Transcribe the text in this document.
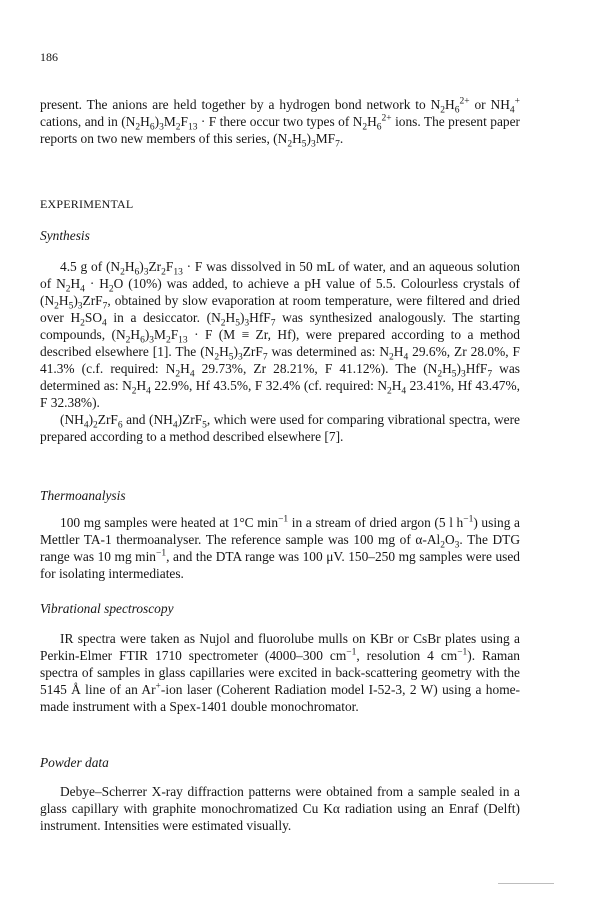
186

present. The anions are held together by a hydrogen bond network to $N_2H_6^{2+}$ or $NH_4^+$ cations, and in $(N_2H_6)_3M_2F_{13} \cdot F$ there occur two types of $N_2H_6^{2+}$ ions. The present paper reports on two new members of this series, $(N_2H_5)_3MF_7$.

EXPERIMENTAL
Synthesis

4.5 g of $(N_2H_6)_3Zr_2F_{13} \cdot F$ was dissolved in 50 mL of water, and an aqueous solution of $N_2H_4 \cdot H_2O$ (10%) was added, to achieve a pH value of 5.5. Colourless crystals of $(N_2H_5)_3ZrF_7$, obtained by slow evaporation at room temperature, were filtered and dried over $H_2SO_4$ in a desiccator. $(N_2H_5)_3HfF_7$ was synthesized analogously. The starting compounds, $(N_2H_6)_3M_2F_{13} \cdot F$ (M ≡ Zr, Hf), were prepared according to a method described elsewhere [1]. The $(N_2H_5)_3ZrF_7$ was determined as: $N_2H_4$ 29.6%, Zr 28.0%, F 41.3% (c.f. required: $N_2H_4$ 29.73%, Zr 28.21%, F 41.12%). The $(N_2H_5)_3HfF_7$ was determined as: $N_2H_4$ 22.9%, Hf 43.5%, F 32.4% (cf. required: $N_2H_4$ 23.41%, Hf 43.47%, F 32.38%).

$(NH_4)_2ZrF_6$ and $(NH_4)ZrF_5$, which were used for comparing vibrational spectra, were prepared according to a method described elsewhere [7].

Thermoanalysis

100 mg samples were heated at 1°C $\min^{-1}$ in a stream of dried argon (5 l $h^{-1}$) using a Mettler TA-1 thermoanalyser. The reference sample was 100 mg of $\alpha-Al_2O_3$. The DTG range was 10 mg $\min^{-1}$, and the DTA range was 100 μV. 150–250 mg samples were used for isolating intermediates.

Vibrational spectroscopy

IR spectra were taken as Nujol and fluorolube mulls on KBr or CsBr plates using a Perkin-Elmer FTIR 1710 spectrometer (4000–300 $cm^{-1}$, resolution 4 $cm^{-1}$). Raman spectra of samples in glass capillaries were excited in back-scattering geometry with the 5145 Å line of an Ar+-ion laser (Coherent Radiation model I-52-3, 2 W) using a home-made instrument with a Spex-1401 double monochromator.

Powder data

Debye–Scherrer X-ray diffraction patterns were obtained from a sample sealed in a glass capillary with graphite monochromatized Cu Kα radiation using an Enraf (Delft) instrument. Intensities were estimated visually.
